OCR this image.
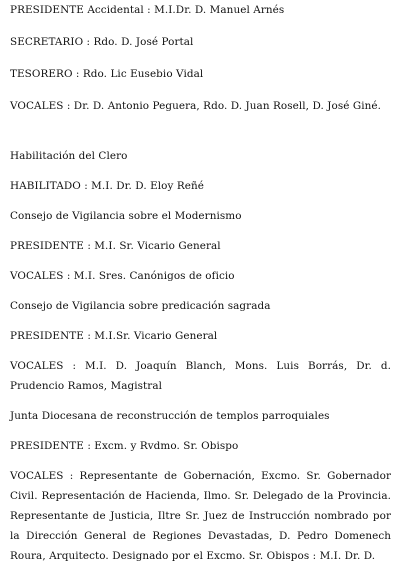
PRESIDENTE Accidental : M.I.Dr. D. Manuel Arnés

SECRETARIO : Rdo. D. José Portal

TESORERO : Rdo. Lic Eusebio Vidal

VOCALES : Dr. D. Antonio Peguera, Rdo. D. Juan Rosell, D. José Giné.

Habilitación del Clero

HABILITADO : M.I. Dr. D. Eloy Reñé

Consejo de Vigilancia sobre el Modernismo

PRESIDENTE : M.I. Sr. Vicario General

VOCALES : M.I. Sres. Canónigos de oficio

Consejo de Vigilancia sobre predicación sagrada

PRESIDENTE : M.I.Sr. Vicario General

VOCALES : M.I. D. Joaquín Blanch, Mons. Luis Borrás, Dr. d. Prudencio Ramos, Magistral

Junta Diocesana de reconstrucción de templos parroquiales

PRESIDENTE : Excm. y Rvdmo. Sr. Obispo

VOCALES : Representante de Gobernación, Excmo. Sr. Gobernador Civil. Representación de Hacienda, Ilmo. Sr. Delegado de la Provincia. Representante de Justicia, Iltre Sr. Juez de Instrucción nombrado por la Dirección General de Regiones Devastadas, D. Pedro Domenech Roura, Arquitecto. Designado por el Excmo. Sr. Obispos : M.I. Dr. D.
